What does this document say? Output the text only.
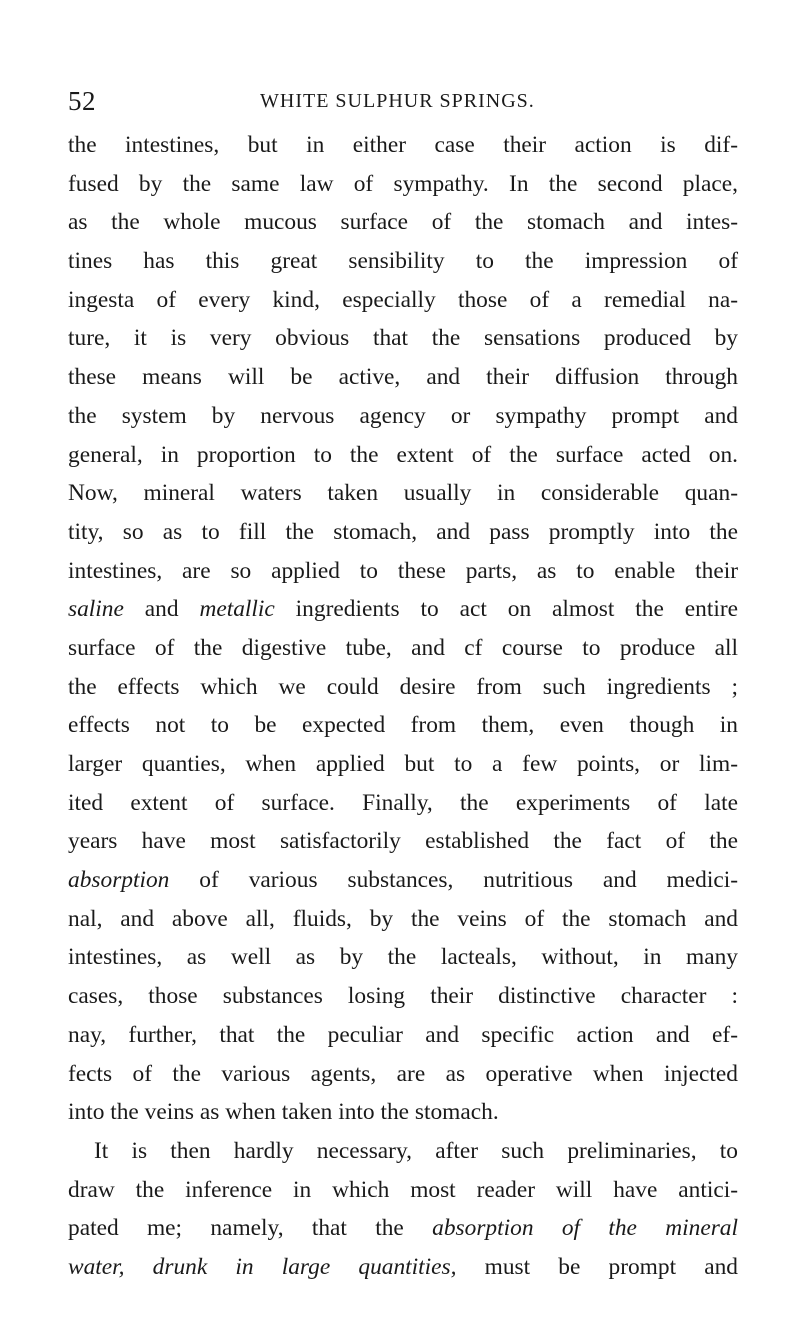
52	WHITE SULPHUR SPRINGS.
the intestines, but in either case their action is dif-
fused by the same law of sympathy. In the second place,
as the whole mucous surface of the stomach and intes-
tines has this great sensibility to the impression of
ingesta of every kind, especially those of a remedial na-
ture, it is very obvious that the sensations produced by
these means will be active, and their diffusion through
the system by nervous agency or sympathy prompt and
general, in proportion to the extent of the surface acted on.
Now, mineral waters taken usually in considerable quan-
tity, so as to fill the stomach, and pass promptly into the
intestines, are so applied to these parts, as to enable their
saline and metallic ingredients to act on almost the entire
surface of the digestive tube, and cf course to produce all
the effects which we could desire from such ingredients ;
effects not to be expected from them, even though in
larger quanties, when applied but to a few points, or lim-
ited extent of surface. Finally, the experiments of late
years have most satisfactorily established the fact of the
absorption of various substances, nutritious and medici-
nal, and above all, fluids, by the veins of the stomach and
intestines, as well as by the lacteals, without, in many
cases, those substances losing their distinctive character :
nay, further, that the peculiar and specific action and ef-
fects of the various agents, are as operative when injected
into the veins as when taken into the stomach.
It is then hardly necessary, after such preliminaries, to
draw the inference in which most reader will have antici-
pated me; namely, that the absorption of the mineral
water, drunk in large quantities, must be prompt and
